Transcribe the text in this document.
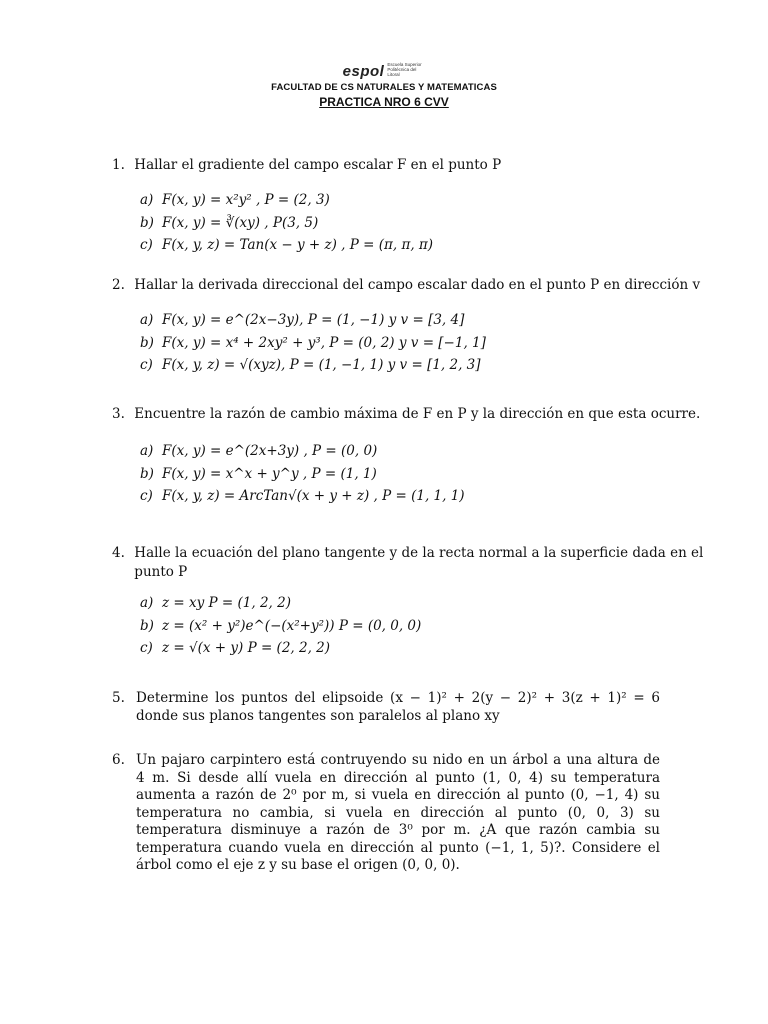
espol Escuela Superior Politécnica del Litoral
FACULTAD DE CS NATURALES Y MATEMATICAS
PRACTICA NRO 6 CVV
1. Hallar el gradiente del campo escalar F en el punto P
a) F(x, y) = x²y² , P = (2, 3)
b) F(x, y) = ∛(xy) , P(3, 5)
c) F(x, y, z) = Tan(x − y + z) , P = (π, π, π)
2. Hallar la derivada direccional del campo escalar dado en el punto P en dirección v
a) F(x, y) = e^(2x−3y), P = (1, −1) y v = [3, 4]
b) F(x, y) = x⁴ + 2xy² + y³, P = (0, 2) y v = [−1, 1]
c) F(x, y, z) = √(xyz), P = (1, −1, 1) y v = [1, 2, 3]
3. Encuentre la razón de cambio máxima de F en P y la dirección en que esta ocurre.
a) F(x, y) = e^(2x+3y) , P = (0, 0)
b) F(x, y) = x^x + y^y , P = (1, 1)
c) F(x, y, z) = ArcTan√(x + y + z) , P = (1, 1, 1)
4. Halle la ecuación del plano tangente y de la recta normal a la superficie dada en el
punto P
a) z = xy P = (1, 2, 2)
b) z = (x² + y²)e^(−(x²+y²)) P = (0, 0, 0)
c) z = √(x + y) P = (2, 2, 2)
5. Determine los puntos del elipsoide (x − 1)² + 2(y − 2)² + 3(z + 1)² = 6 donde sus planos tangentes son paralelos al plano xy
6. Un pajaro carpintero está contruyendo su nido en un árbol a una altura de 4 m. Si desde allí vuela en dirección al punto (1, 0, 4) su temperatura aumenta a razón de 2⁰ por m, si vuela en dirección al punto (0, −1, 4) su temperatura no cambia, si vuela en dirección al punto (0, 0, 3) su temperatura disminuye a razón de 3⁰ por m. ¿A que razón cambia su temperatura cuando vuela en dirección al punto (−1, 1, 5)?. Considere el árbol como el eje z y su base el origen (0, 0, 0).
